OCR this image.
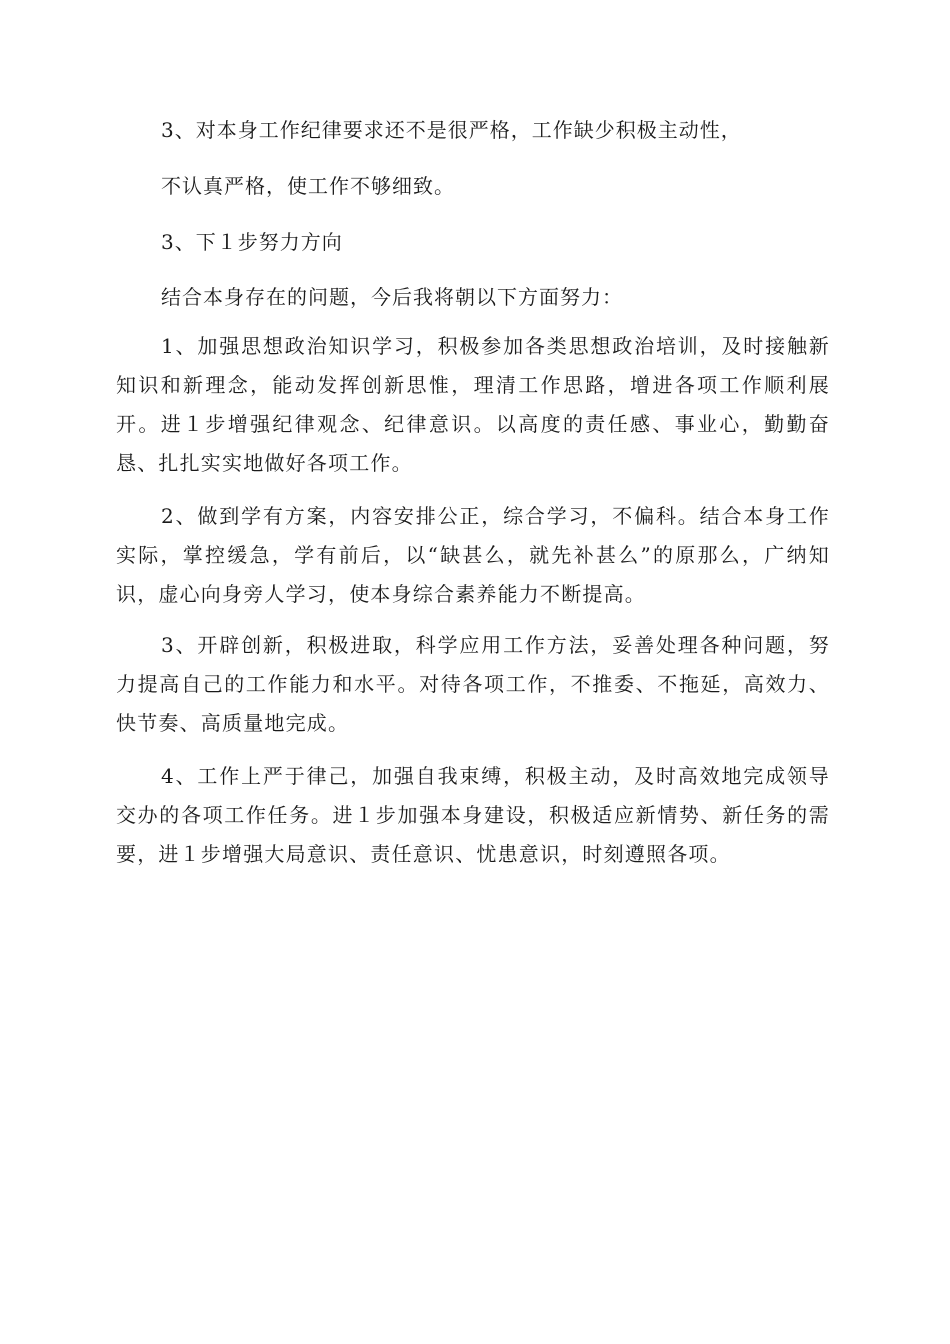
3、对本身工作纪律要求还不是很严格，工作缺少积极主动性，
不认真严格，使工作不够细致。
3、下１步努力方向
结合本身存在的问题，今后我将朝以下方面努力：

1、加强思想政治知识学习，积极参加各类思想政治培训，及时接触新知识和新理念，能动发挥创新思惟，理清工作思路，增进各项工作顺利展开。进１步增强纪律观念、纪律意识。以高度的责任感、事业心，勤勤奋恳、扎扎实实地做好各项工作。

2、做到学有方案，内容安排公正，综合学习，不偏科。结合本身工作实际，掌控缓急，学有前后，以“缺甚么，就先补甚么”的原那么，广纳知识，虚心向身旁人学习，使本身综合素养能力不断提高。

3、开辟创新，积极进取，科学应用工作方法，妥善处理各种问题，努力提高自己的工作能力和水平。对待各项工作，不推委、不拖延，高效力、快节奏、高质量地完成。

4、工作上严于律己，加强自我束缚，积极主动，及时高效地完成领导交办的各项工作任务。进１步加强本身建设，积极适应新情势、新任务的需要，进１步增强大局意识、责任意识、忧患意识，时刻遵照各项。
